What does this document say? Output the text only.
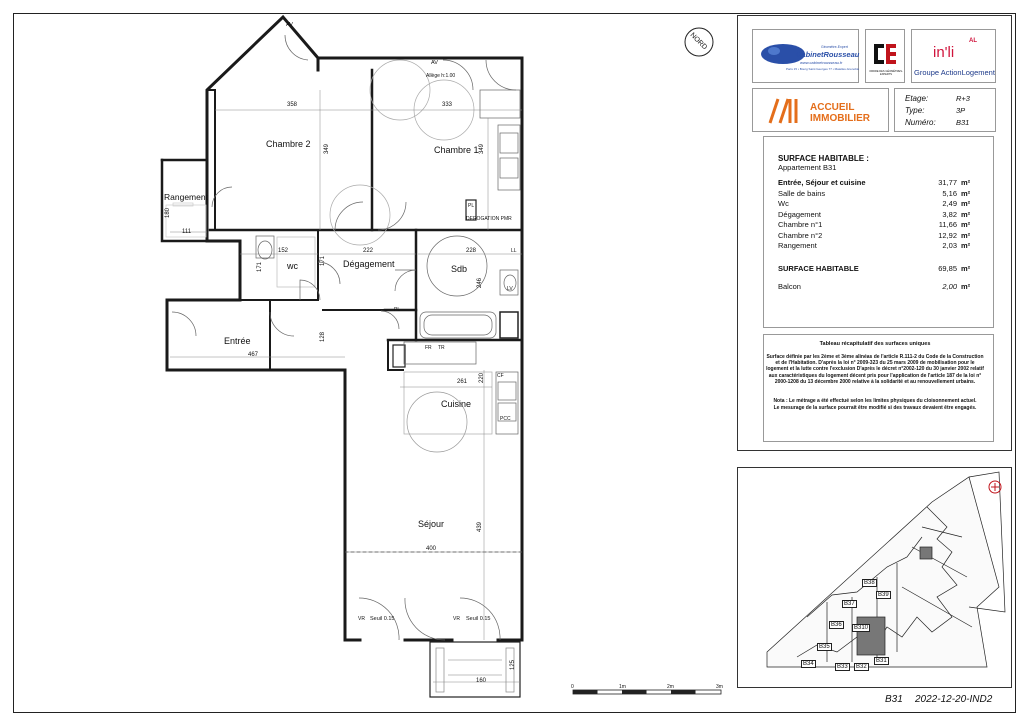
Chambre 2
Chambre 1
Rangement
wc	Dégagement	Sdb
Entrée
Cuisine
Séjour
358
349
333
349
111
180
152
171
222
171
228
246
467
128
261 220
400
439
160
125
AV
Allège h:1.00
AV
DEROGATION PMR
PL
PL
LL
LV
FR TR
CF
PCC
VR	VR
Seuil 0.15	Seuil 0.15
NORD
0	1m	2m	3m
CabinetRousseau
Géomètre-Expert
www.cabinetrousseau.fr
Paris 15 • Bourg Saint Georges 77 • Matelles-Grenoble
ORDRE DES GÉOMÈTRES-EXPERTS
in'li
AL
Groupe ActionLogement
ACCUEIL
IMMOBILIER
Etage:	R+3
Type:	3P
Numéro:	B31
SURFACE HABITABLE :
Appartement B31
Entrée, Séjour et cuisine	31,77 m²
Salle de bains	5,16 m²
Wc	2,49 m²
Dégagement	3,82 m²
Chambre n°1	11,66 m²
Chambre n°2	12,92 m²
Rangement	2,03 m²
SURFACE HABITABLE	69,85 m²
Balcon	2,00 m²
Tableau récapitulatif des surfaces uniques
Surface définie par les 2ème et 3ème alinéas de l'article R.111-2 du Code de la Construction et de l'Habitation. D'après la loi n° 2009-323 du 25 mars 2009 de mobilisation pour le logement et la lutte contre l'exclusion D'après le décret n°2002-120 du 30 janvier 2002 relatif aux caractéristiques du logement décent pris pour l'application de l'article 187 de la loi n° 2000-1208 du 13 décembre 2000 relative à la solidarité et au renouvellement urbains.
Nota : Le métrage a été effectué selon les limites physiques du cloisonnement actuel.
Le mesurage de la surface pourrait être modifié si des travaux devaient être engagés.
B38
B39
B37
B36	B310
B35
B31
B34	B33	B32
B31 2022-12-20-IND2
